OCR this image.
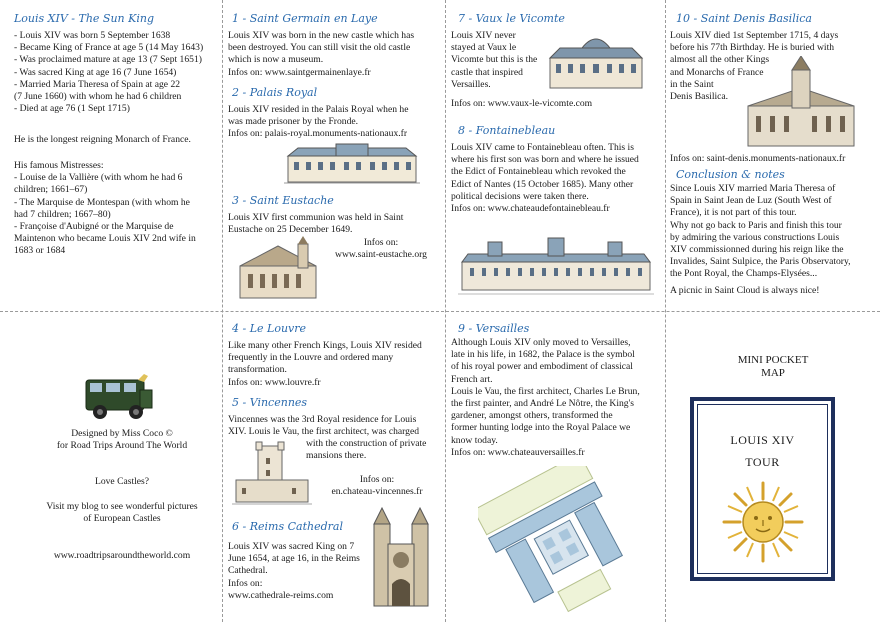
Louis XIV - The Sun King
- Louis XIV was born 5 September 1638
- Became King of France at age 5 (14 May 1643)
- Was proclaimed mature at age 13 (7 Sept 1651)
- Was sacred King at age 16 (7 June 1654)
- Married Maria Theresa of Spain at age 22
(7 June 1660) with whom he had 6 children
- Died at age 76 (1 Sept 1715)
He is the longest reigning Monarch of France.
His famous Mistresses:
- Louise de la Vallière (with whom he had 6
children; 1661–67)
- The Marquise de Montespan (with whom he
had 7 children; 1667–80)
- Françoise d'Aubigné or the Marquise de
Maintenon who became Louis XIV 2nd wife in
1683 or 1684
Designed by Miss Coco ©
for Road Trips Around The World
Love Castles?
Visit my blog to see wonderful pictures
of European Castles
www.roadtripsaroundtheworld.com
1 - Saint Germain en Laye
Louis XIV was born in the new castle which has
been destroyed. You can still visit the old castle
which is now a museum.
Infos on: www.saintgermainenlaye.fr
2 - Palais Royal
Louis XIV resided in the Palais Royal when he
was made prisoner by the Fronde.
Infos on: palais-royal.monuments-nationaux.fr
3 - Saint Eustache
Louis XIV first communion was held in Saint
Eustache on 25 December 1649.
Infos on:
www.saint-eustache.org
4 - Le Louvre
Like many other French Kings, Louis XIV resided
frequently in the Louvre and ordered many
transformation.
Infos on: www.louvre.fr
5 - Vincennes
Vincennes was the 3rd Royal residence for Louis
XIV. Louis le Vau, the first architect, was charged
with the construction of private
mansions there.
Infos on:
en.chateau-vincennes.fr
6 - Reims Cathedral
Louis XIV was sacred King on 7
June 1654, at age 16, in the Reims
Cathedral.
Infos on:
www.cathedrale-reims.com
7 - Vaux le Vicomte
Louis XIV never
stayed at Vaux le
Vicomte but this is the
castle that inspired
Versailles.
Infos on: www.vaux-le-vicomte.com
8 - Fontainebleau
Louis XIV came to Fontainebleau often. This is
where his first son was born and where he issued
the Edict of Fontainebleau which revoked the
Edict of Nantes (15 October 1685). Many other
political decisions were taken there.
Infos on: www.chateaudefontainebleau.fr
9 - Versailles
Although Louis XIV only moved to Versailles,
late in his life, in 1682, the Palace is the symbol
of his royal power and embodiment of classical
French art.
Louis le Vau, the first architect, Charles Le Brun,
the first painter, and André Le Nôtre, the King's
gardener, amongst others, transformed the
former hunting lodge into the Royal Palace we
know today.
Infos on: www.chateauversailles.fr
10 - Saint Denis Basilica
Louis XIV died 1st September 1715, 4 days
before his 77th Birthday. He is buried with
almost all the other Kings
and Monarchs of France
in the Saint
Denis Basilica.
Infos on: saint-denis.monuments-nationaux.fr
Conclusion & notes
Since Louis XIV married Maria Theresa of
Spain in Saint Jean de Luz (South West of
France), it is not part of this tour.
Why not go back to Paris and finish this tour
by admiring the various constructions Louis
XIV commissionned during his reign like the
Invalides, Saint Sulpice, the Paris Observatory,
the Pont Royal, the Champs-Elysées...
A picnic in Saint Cloud is always nice!
MINI POCKET
MAP
LOUIS XIV
TOUR
